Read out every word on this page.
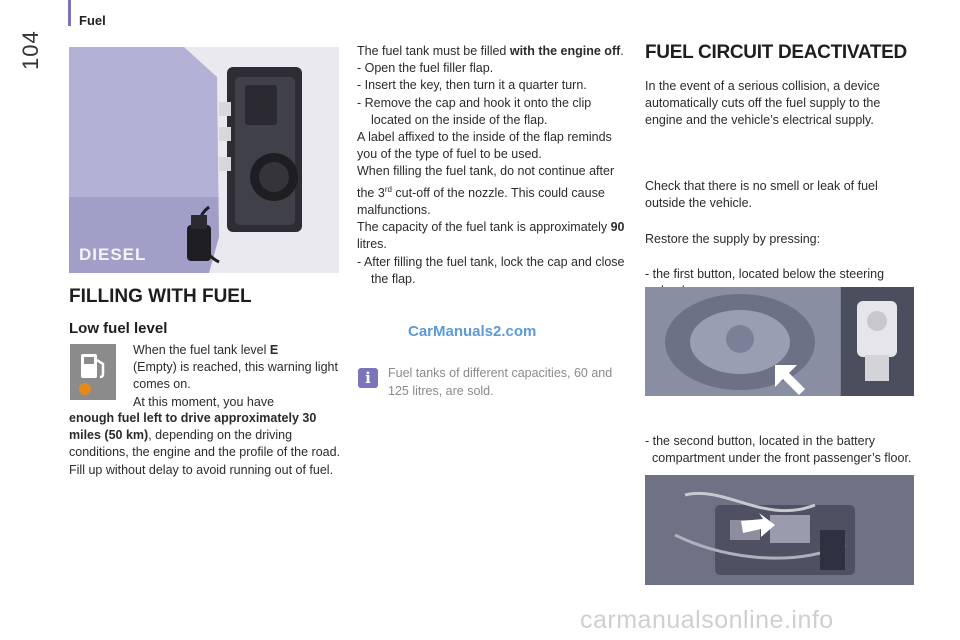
Fuel
104
DIESEL
FILLING WITH FUEL
Low fuel level

When the fuel tank level E

(Empty) is reached, this warning light comes on.

At this moment, you have

enough fuel left to drive approximately 30 miles (50 km), depending on the driving conditions, the engine and the profile of the road. Fill up without delay to avoid running out of fuel.

The fuel tank must be filled with the engine off.

- Open the fuel filler flap.

- Insert the key, then turn it a quarter turn.

- Remove the cap and hook it onto the clip located on the inside of the flap.

A label affixed to the inside of the flap reminds you of the type of fuel to be used.

When filling the fuel tank, do not continue after the 3rd cut-off of the nozzle. This could cause malfunctions.

The capacity of the fuel tank is approximately 90 litres.

- After filling the fuel tank, lock the cap and close the flap.

CarManuals2.com
i	Fuel tanks of different capacities, 60 and 125 litres, are sold.
FUEL CIRCUIT DEACTIVATED

In the event of a serious collision, a device automatically cuts off the fuel supply to the engine and the vehicle’s electrical supply.

Check that there is no smell or leak of fuel outside the vehicle.

Restore the supply by pressing:

- the first button, located below the steering

- the second button, located in the battery compartment under the front passenger’s floor.

carmanualsonline.info
